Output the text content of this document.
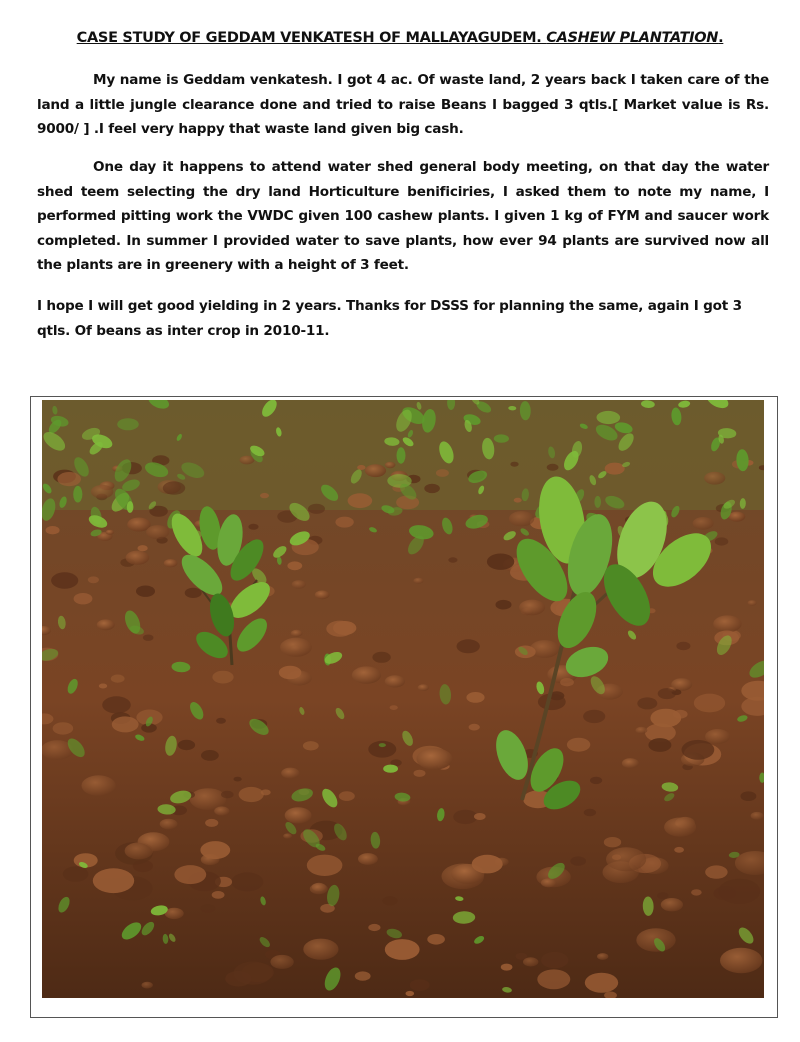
CASE STUDY OF GEDDAM VENKATESH OF MALLAYAGUDEM. CASHEW PLANTATION.
My name is Geddam venkatesh. I got 4 ac. Of waste land, 2 years back I taken care of the land a little jungle clearance done and tried to raise Beans I bagged 3 qtls.[ Market value is Rs. 9000/ ] .I feel very happy that waste land given big cash.
One day it happens to attend water shed general body meeting, on that day the water shed teem selecting the dry land Horticulture benificiries, I asked them to note my name, I performed pitting work the VWDC given 100 cashew plants. I given 1 kg of FYM and saucer work completed. In summer I provided water to save plants, how ever 94 plants are survived now all the plants are in greenery with a height of 3 feet.
I hope I will get good yielding in 2 years. Thanks for DSSS for planning the same, again I got 3 qtls. Of beans as inter crop in 2010-11.
